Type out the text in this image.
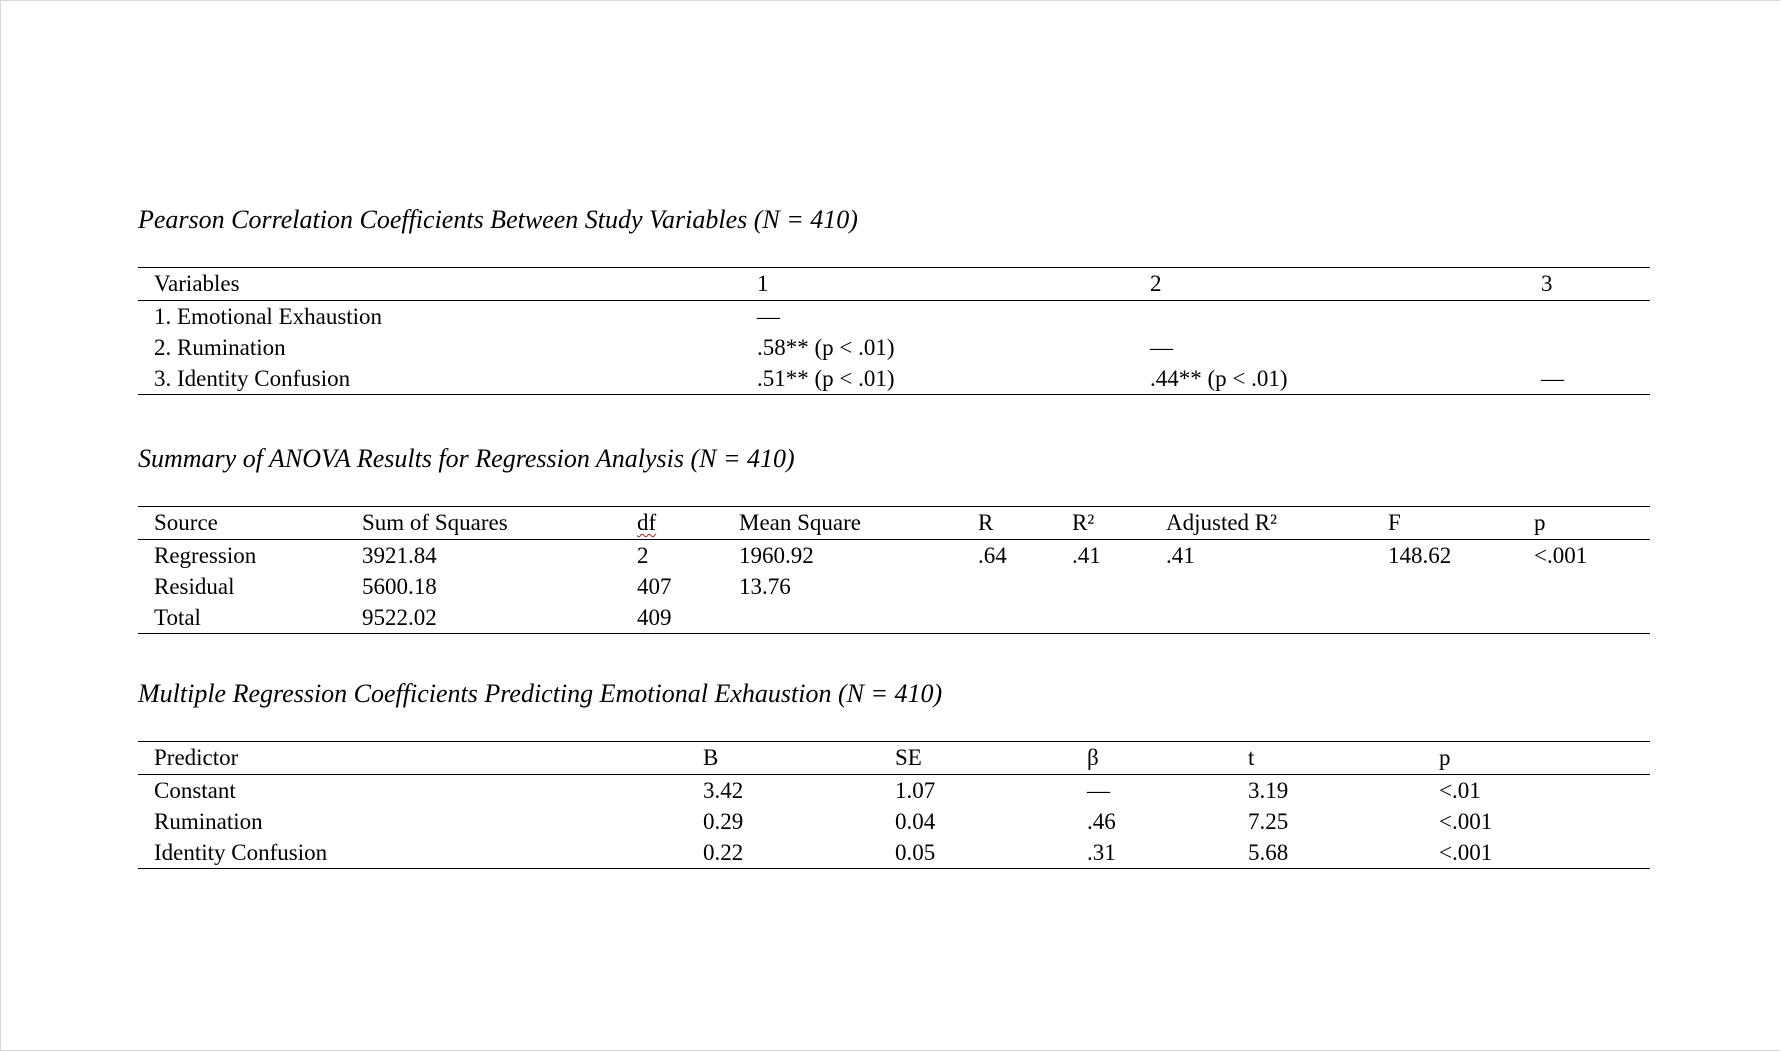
Pearson Correlation Coefficients Between Study Variables (N = 410)
Variables	1	2	3
1. Emotional Exhaustion	—		
2. Rumination	.58** (p < .01)	—	
3. Identity Confusion	.51** (p < .01)	.44** (p < .01)	—
Summary of ANOVA Results for Regression Analysis (N = 410)
Source	Sum of Squares	df	Mean Square	R	R²	Adjusted R²	F	p
Regression	3921.84	2	1960.92	.64	.41	.41	148.62	<.001
Residual	5600.18	407	13.76					
Total	9522.02	409						
Multiple Regression Coefficients Predicting Emotional Exhaustion (N = 410)
Predictor	B	SE	β	t	p
Constant	3.42	1.07	—	3.19	<.01
Rumination	0.29	0.04	.46	7.25	<.001
Identity Confusion	0.22	0.05	.31	5.68	<.001
